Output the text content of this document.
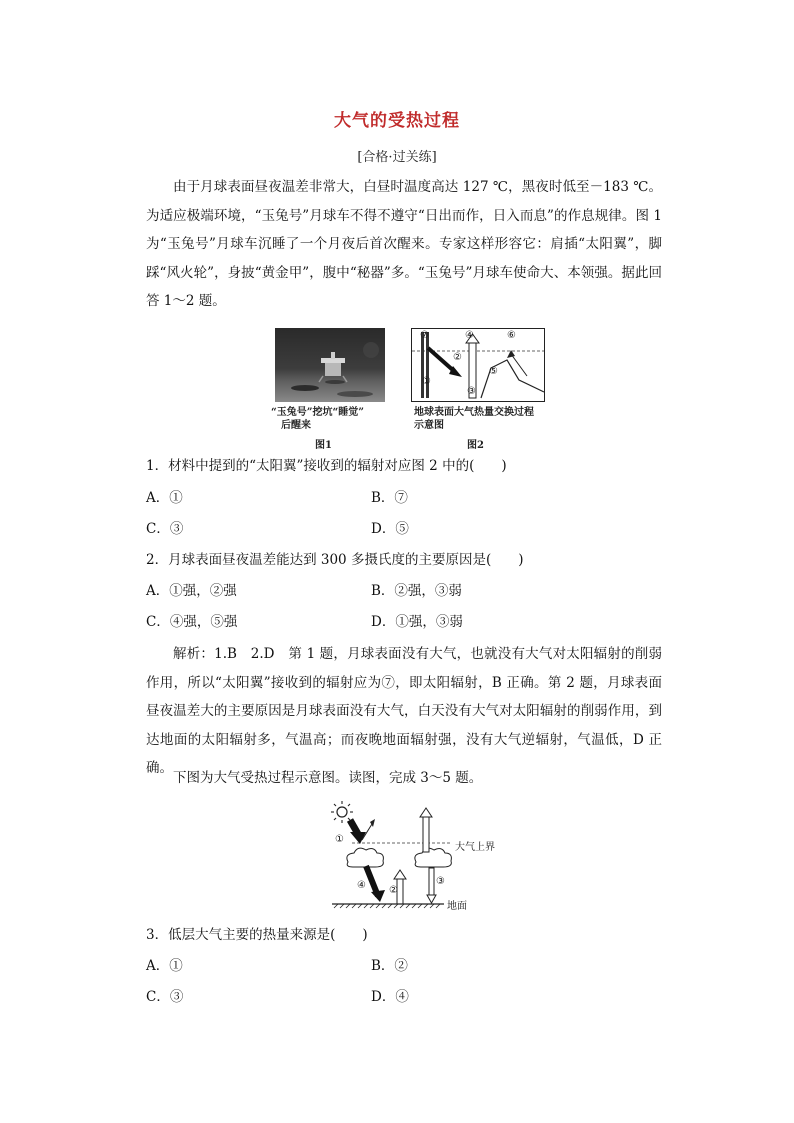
大气的受热过程
[合格·过关练]

由于月球表面昼夜温差非常大，白昼时温度高达 127 ℃，黑夜时低至－183 ℃。为适应极端环境，“玉兔号”月球车不得不遵守“日出而作，日入而息”的作息规律。图 1 为“玉兔号”月球车沉睡了一个月夜后首次醒来。专家这样形容它：肩插“太阳翼”，脚踩“风火轮”，身披“黄金甲”，腹中“秘器”多。“玉兔号”月球车使命大、本领强。据此回答 1～2 题。

“玉兔号”挖坑“睡觉”
后醒来
图1
⑦	④	⑥
②
⑤
①
③
地球表面大气热量交换过程
示意图
图2
1．材料中提到的“太阳翼”接收到的辐射对应图 2 中的(　　)
A．①	B．⑦
C．③	D．⑤
2．月球表面昼夜温差能达到 300 多摄氏度的主要原因是(　　)
A．①强，②强	B．②强，③弱
C．④强，⑤强	D．①强，③弱

解析：1.B　2.D　第 1 题，月球表面没有大气，也就没有大气对太阳辐射的削弱作用，所以“太阳翼”接收到的辐射应为⑦，即太阳辐射，B 正确。第 2 题，月球表面昼夜温差大的主要原因是月球表面没有大气，白天没有大气对太阳辐射的削弱作用，到达地面的太阳辐射多，气温高；而夜晚地面辐射强，没有大气逆辐射，气温低，D 正确。

下图为大气受热过程示意图。读图，完成 3～5 题。

①
②
③
④
大气上界
地面
3．低层大气主要的热量来源是(　　)
A．①	B．②
C．③	D．④
